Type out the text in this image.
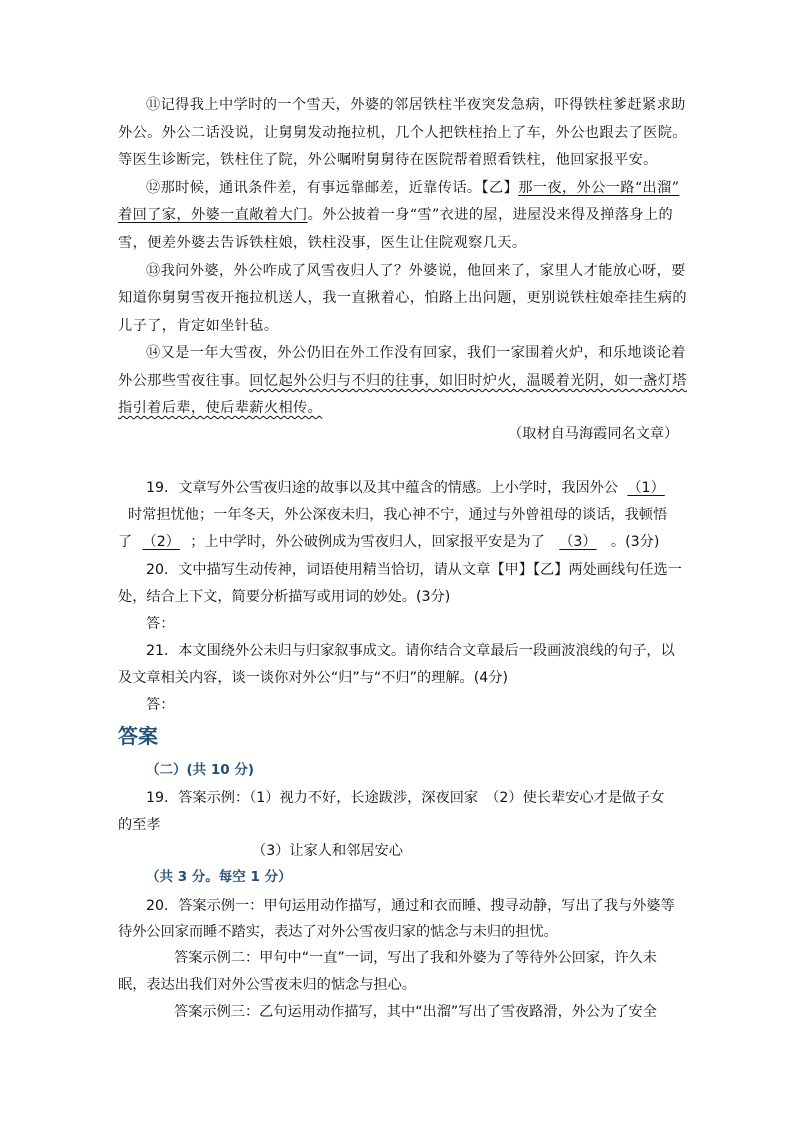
⑪记得我上中学时的一个雪天，外婆的邻居铁柱半夜突发急病，吓得铁柱爹赶紧求助
外公。外公二话没说，让舅舅发动拖拉机，几个人把铁柱抬上了车，外公也跟去了医院。
等医生诊断完，铁柱住了院，外公嘱咐舅舅待在医院帮着照看铁柱，他回家报平安。
⑫那时候，通讯条件差，有事远靠邮差，近靠传话。【乙】那一夜，外公一路“出溜”
着回了家，外婆一直敞着大门。外公披着一身“雪”衣进的屋，进屋没来得及掸落身上的
雪，便差外婆去告诉铁柱娘，铁柱没事，医生让住院观察几天。
⑬我问外婆，外公咋成了风雪夜归人了？外婆说，他回来了，家里人才能放心呀，要
知道你舅舅雪夜开拖拉机送人，我一直揪着心，怕路上出问题，更别说铁柱娘牵挂生病的
儿子了，肯定如坐针毡。
⑭又是一年大雪夜，外公仍旧在外工作没有回家，我们一家围着火炉，和乐地谈论着
外公那些雪夜往事。回忆起外公归与不归的往事，如旧时炉火，温暖着光阴，如一盏灯塔
指引着后辈，使后辈薪火相传。
（取材自马海霞同名文章）
19．文章写外公雪夜归途的故事以及其中蕴含的情感。上小学时，我因外公 （1）
时常担忧他；一年冬天，外公深夜未归，我心神不宁，通过与外曾祖母的谈话，我顿悟
了 （2） ；上中学时，外公破例成为雪夜归人，回家报平安是为了 （3） 。(3分)
20．文中描写生动传神，词语使用精当恰切，请从文章【甲】【乙】两处画线句任选一
处，结合上下文，简要分析描写或用词的妙处。(3分)
答：
21．本文围绕外公未归与归家叙事成文。请你结合文章最后一段画波浪线的句子，以
及文章相关内容，谈一谈你对外公“归”与“不归”的理解。(4分)
答：
答案
（二）(共 10 分)
19．答案示例：（1）视力不好，长途跋涉，深夜回家　（2）使长辈安心才是做子女
的至孝
（3）让家人和邻居安心
（共 3 分。每空 1 分）
20．答案示例一：甲句运用动作描写，通过和衣而睡、搜寻动静，写出了我与外婆等
待外公回家而睡不踏实，表达了对外公雪夜归家的惦念与未归的担忧。
答案示例二：甲句中“一直”一词，写出了我和外婆为了等待外公回家，许久未
眠，表达出我们对外公雪夜未归的惦念与担心。
答案示例三：乙句运用动作描写，其中“出溜”写出了雪夜路滑，外公为了安全
